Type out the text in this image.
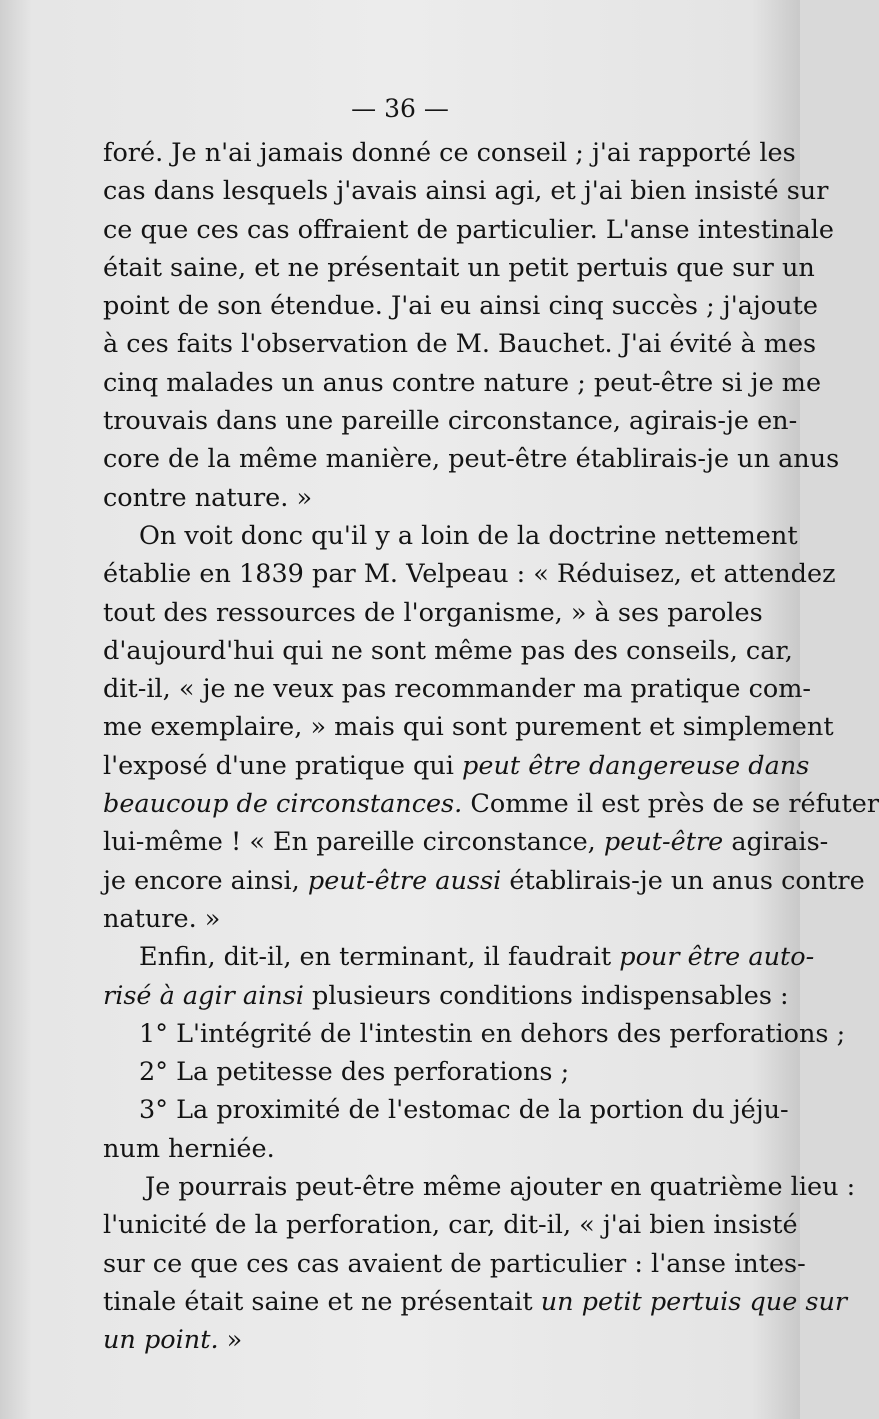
— 36 —
foré. Je n'ai jamais donné ce conseil ; j'ai rapporté les
cas dans lesquels j'avais ainsi agi, et j'ai bien insisté sur
ce que ces cas offraient de particulier. L'anse intestinale
était saine, et ne présentait un petit pertuis que sur un
point de son étendue. J'ai eu ainsi cinq succès ; j'ajoute
à ces faits l'observation de M. Bauchet. J'ai évité à mes
cinq malades un anus contre nature ; peut-être si je me
trouvais dans une pareille circonstance, agirais-je en-
core de la même manière, peut-être établirais-je un anus
contre nature. »
On voit donc qu'il y a loin de la doctrine nettement
établie en 1839 par M. Velpeau : « Réduisez, et attendez
tout des ressources de l'organisme, » à ses paroles
d'aujourd'hui qui ne sont même pas des conseils, car,
dit-il, « je ne veux pas recommander ma pratique com-
me exemplaire, » mais qui sont purement et simplement
l'exposé d'une pratique qui peut être dangereuse dans
beaucoup de circonstances. Comme il est près de se réfuter
lui-même ! « En pareille circonstance, peut-être agirais-
je encore ainsi, peut-être aussi établirais-je un anus contre
nature. »
Enfin, dit-il, en terminant, il faudrait pour être auto-
risé à agir ainsi plusieurs conditions indispensables :
1° L'intégrité de l'intestin en dehors des perforations ;
2° La petitesse des perforations ;
3° La proximité de l'estomac de la portion du jéju-
num herniée.
Je pourrais peut-être même ajouter en quatrième lieu :
l'unicité de la perforation, car, dit-il, « j'ai bien insisté
sur ce que ces cas avaient de particulier : l'anse intes-
tinale était saine et ne présentait un petit pertuis que sur
un point. »
